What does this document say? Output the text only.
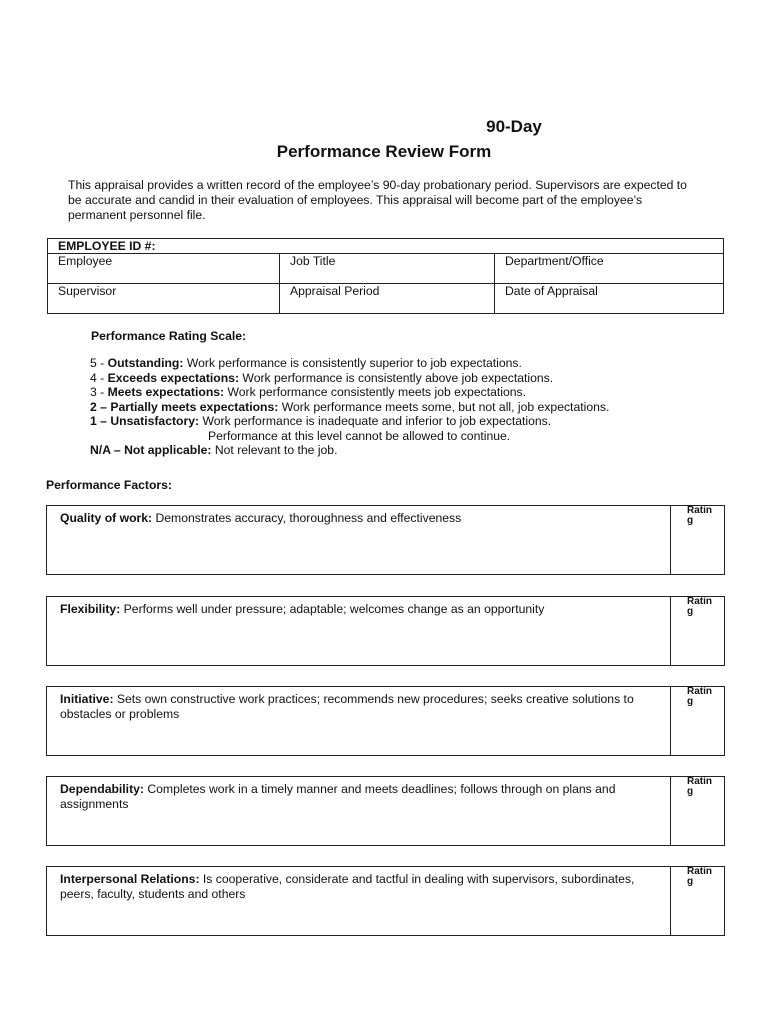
90-Day
Performance Review Form
This appraisal provides a written record of the employee’s 90-day probationary period. Supervisors are expected to be accurate and candid in their evaluation of employees. This appraisal will become part of the employee’s permanent personnel file.
EMPLOYEE ID #:		
Employee	Job Title	Department/Office
Supervisor	Appraisal Period	Date of Appraisal
Performance Rating Scale:
5 - Outstanding: Work performance is consistently superior to job expectations.
4 - Exceeds expectations: Work performance is consistently above job expectations.
3 - Meets expectations: Work performance consistently meets job expectations.
2 – Partially meets expectations: Work performance meets some, but not all, job expectations.
1 – Unsatisfactory: Work performance is inadequate and inferior to job expectations.
Performance at this level cannot be allowed to continue.
N/A – Not applicable: Not relevant to the job.
Performance Factors:
Quality of work: Demonstrates accuracy, thoroughness and effectiveness
Rating
Flexibility: Performs well under pressure; adaptable; welcomes change as an opportunity
Rating
Initiative: Sets own constructive work practices; recommends new procedures; seeks creative solutions to obstacles or problems
Rating
Dependability: Completes work in a timely manner and meets deadlines; follows through on plans and assignments
Rating
Interpersonal Relations: Is cooperative, considerate and tactful in dealing with supervisors, subordinates, peers, faculty, students and others
Rating
